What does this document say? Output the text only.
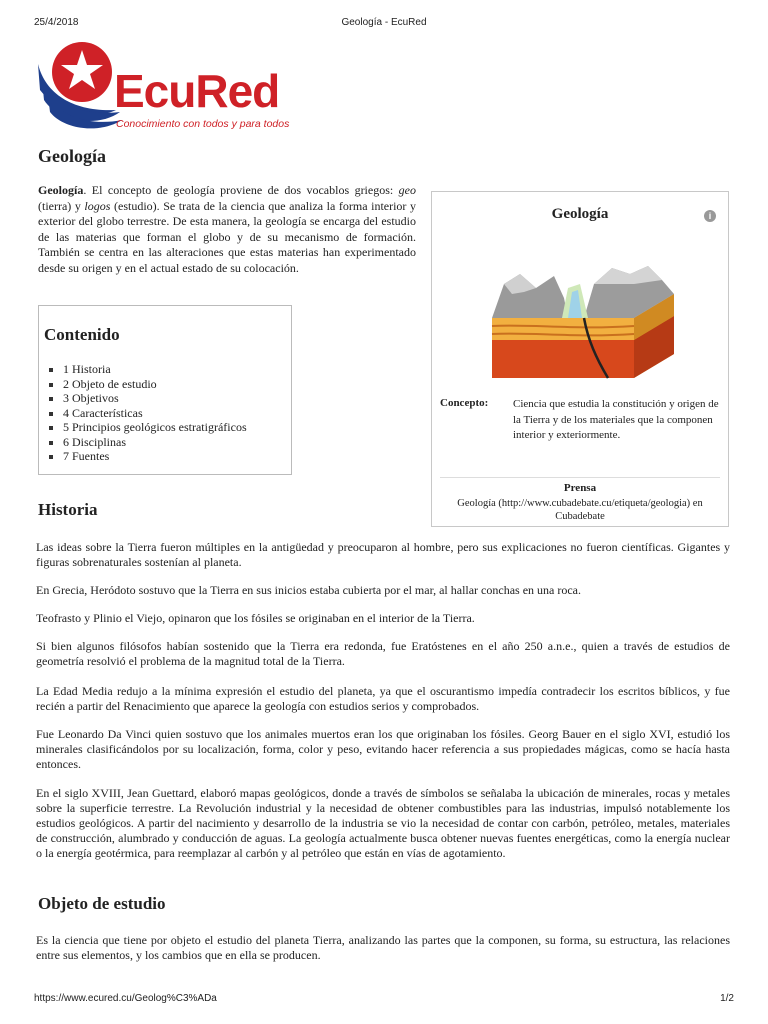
25/4/2018	Geología - EcuRed
EcuRed
Conocimiento con todos y para todos
Geología

Geología. El concepto de geología proviene de dos vocablos griegos: geo (tierra) y logos (estudio). Se trata de la ciencia que analiza la forma interior y exterior del globo terrestre. De esta manera, la geología se encarga del estudio de las materias que forman el globo y de su mecanismo de formación. También se centra en las alteraciones que estas materias han experimentado desde su origen y en el actual estado de su colocación.

Contenido
1 Historia
2 Objeto de estudio
3 Objetivos
4 Características
5 Principios geológicos estratigráficos
6 Disciplinas
7 Fuentes
Geología	i
Concepto: Ciencia que estudia la constitución y origen de la Tierra y de los materiales que la componen interior y exteriormente.
Prensa
Geología (http://www.cubadebate.cu/etiqueta/geologia) en Cubadebate
Historia

Las ideas sobre la Tierra fueron múltiples en la antigüedad y preocuparon al hombre, pero sus explicaciones no fueron científicas. Gigantes y figuras sobrenaturales sostenían al planeta.

En Grecia, Heródoto sostuvo que la Tierra en sus inicios estaba cubierta por el mar, al hallar conchas en una roca.

Teofrasto y Plinio el Viejo, opinaron que los fósiles se originaban en el interior de la Tierra.

Si bien algunos filósofos habían sostenido que la Tierra era redonda, fue Eratóstenes en el año 250 a.n.e., quien a través de estudios de geometría resolvió el problema de la magnitud total de la Tierra.

La Edad Media redujo a la mínima expresión el estudio del planeta, ya que el oscurantismo impedía contradecir los escritos bíblicos, y fue recién a partir del Renacimiento que aparece la geología con estudios serios y comprobados.

Fue Leonardo Da Vinci quien sostuvo que los animales muertos eran los que originaban los fósiles. Georg Bauer en el siglo XVI, estudió los minerales clasificándolos por su localización, forma, color y peso, evitando hacer referencia a sus propiedades mágicas, como se hacía hasta entonces.

En el siglo XVIII, Jean Guettard, elaboró mapas geológicos, donde a través de símbolos se señalaba la ubicación de minerales, rocas y metales sobre la superficie terrestre. La Revolución industrial y la necesidad de obtener combustibles para las industrias, impulsó notablemente los estudios geológicos. A partir del nacimiento y desarrollo de la industria se vio la necesidad de contar con carbón, petróleo, metales, materiales de construcción, alumbrado y conducción de aguas. La geología actualmente busca obtener nuevas fuentes energéticas, como la energía nuclear o la energía geotérmica, para reemplazar al carbón y al petróleo que están en vías de agotamiento.

Objeto de estudio

Es la ciencia que tiene por objeto el estudio del planeta Tierra, analizando las partes que la componen, su forma, su estructura, las relaciones entre sus elementos, y los cambios que en ella se producen.

https://www.ecured.cu/Geolog%C3%ADa	1/2
